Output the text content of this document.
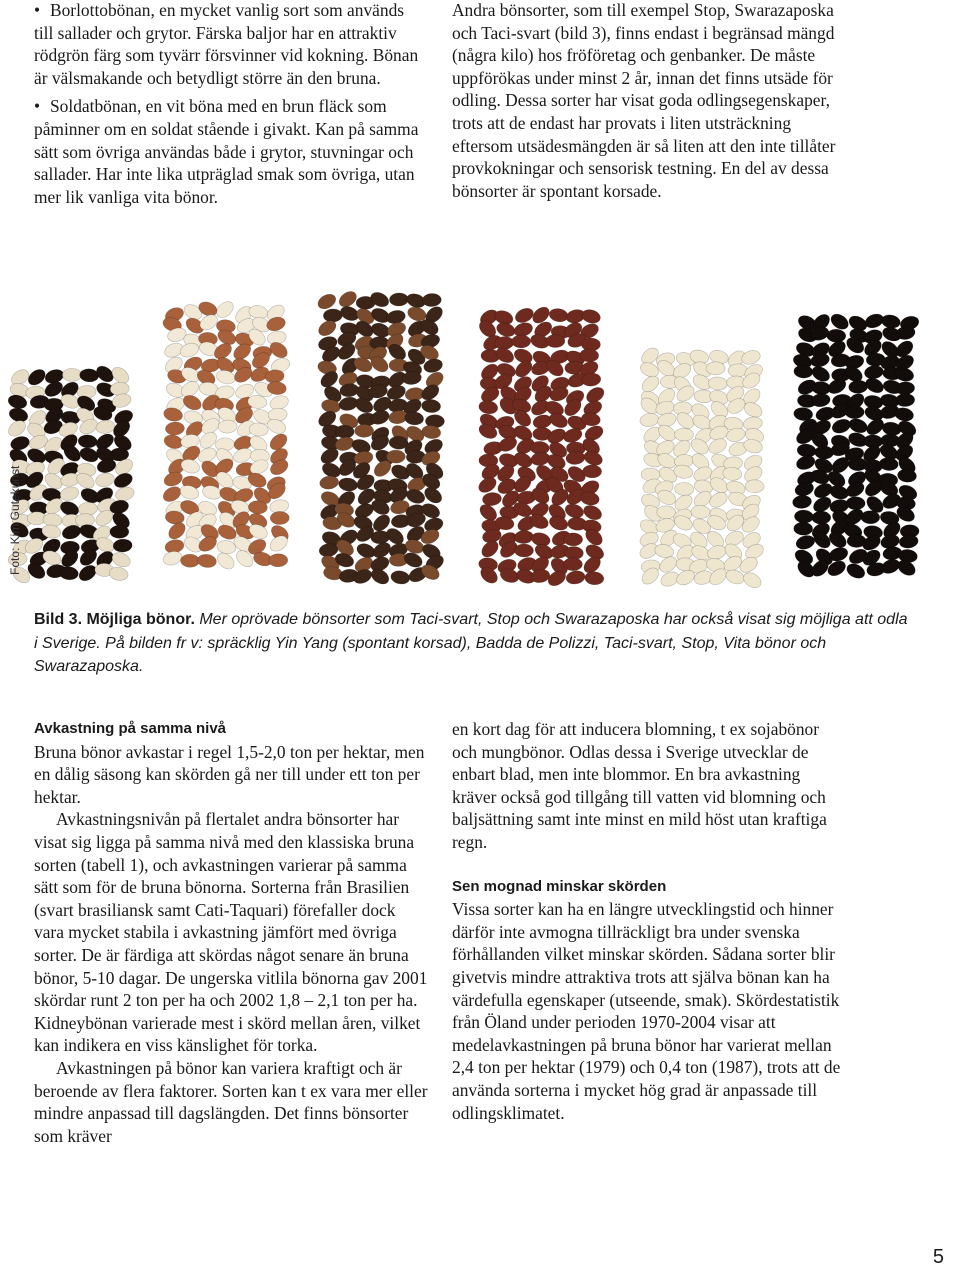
• Borlottobönan, en mycket vanlig sort som används till sallader och grytor. Färska baljor har en attraktiv rödgrön färg som tyvärr försvinner vid kokning. Bönan är välsmakande och betydligt större än den bruna.

• Soldatbönan, en vit böna med en brun fläck som påminner om en soldat stående i givakt. Kan på samma sätt som övriga användas både i grytor, stuvningar och sallader. Har inte lika utpräglad smak som övriga, utan mer lik vanliga vita bönor.

Andra bönsorter, som till exempel Stop, Swarazaposka och Taci-svart (bild 3), finns endast i begränsad mängd (några kilo) hos fröföretag och genbanker. De måste uppförökas under minst 2 år, innan det finns utsäde för odling. Dessa sorter har visat goda odlingsegenskaper, trots att de endast har provats i liten utsträckning eftersom utsädesmängden är så liten att den inte tillåter provkokningar och sensorisk testning. En del av dessa bönsorter är spontant korsade.

Foto: Kim Gutekunst
Bild 3. Möjliga bönor. Mer oprövade bönsorter som Taci-svart, Stop och Swarazaposka har också visat sig möjliga att odla i Sverige. På bilden fr v: spräcklig Yin Yang (spontant korsad), Badda de Polizzi, Taci-svart, Stop, Vita bönor och Swarazaposka.
Avkastning på samma nivå

Bruna bönor avkastar i regel 1,5-2,0 ton per hektar, men en dålig säsong kan skörden gå ner till under ett ton per hektar.

Avkastningsnivån på flertalet andra bönsorter har visat sig ligga på samma nivå med den klassiska bruna sorten (tabell 1), och avkastningen varierar på samma sätt som för de bruna bönorna. Sorterna från Brasilien (svart brasiliansk samt Cati-Taquari) förefaller dock vara mycket stabila i avkastning jämfört med övriga sorter. De är färdiga att skördas något senare än bruna bönor, 5-10 dagar. De ungerska vitlila bönorna gav 2001 skördar runt 2 ton per ha och 2002 1,8 – 2,1 ton per ha. Kidneybönan varierade mest i skörd mellan åren, vilket kan indikera en viss känslighet för torka.

Avkastningen på bönor kan variera kraftigt och är beroende av flera faktorer. Sorten kan t ex vara mer eller mindre anpassad till dagslängden. Det finns bönsorter som kräver

en kort dag för att inducera blomning, t ex sojabönor och mungbönor. Odlas dessa i Sverige utvecklar de enbart blad, men inte blommor. En bra avkastning kräver också god tillgång till vatten vid blomning och baljsättning samt inte minst en mild höst utan kraftiga regn.

Sen mognad minskar skörden

Vissa sorter kan ha en längre utvecklingstid och hinner därför inte avmogna tillräckligt bra under svenska förhållanden vilket minskar skörden. Sådana sorter blir givetvis mindre attraktiva trots att själva bönan kan ha värdefulla egenskaper (utseende, smak). Skördestatistik från Öland under perioden 1970-2004 visar att medelavkastningen på bruna bönor har varierat mellan 2,4 ton per hektar (1979) och 0,4 ton (1987), trots att de använda sorterna i mycket hög grad är anpassade till odlingsklimatet.

5
